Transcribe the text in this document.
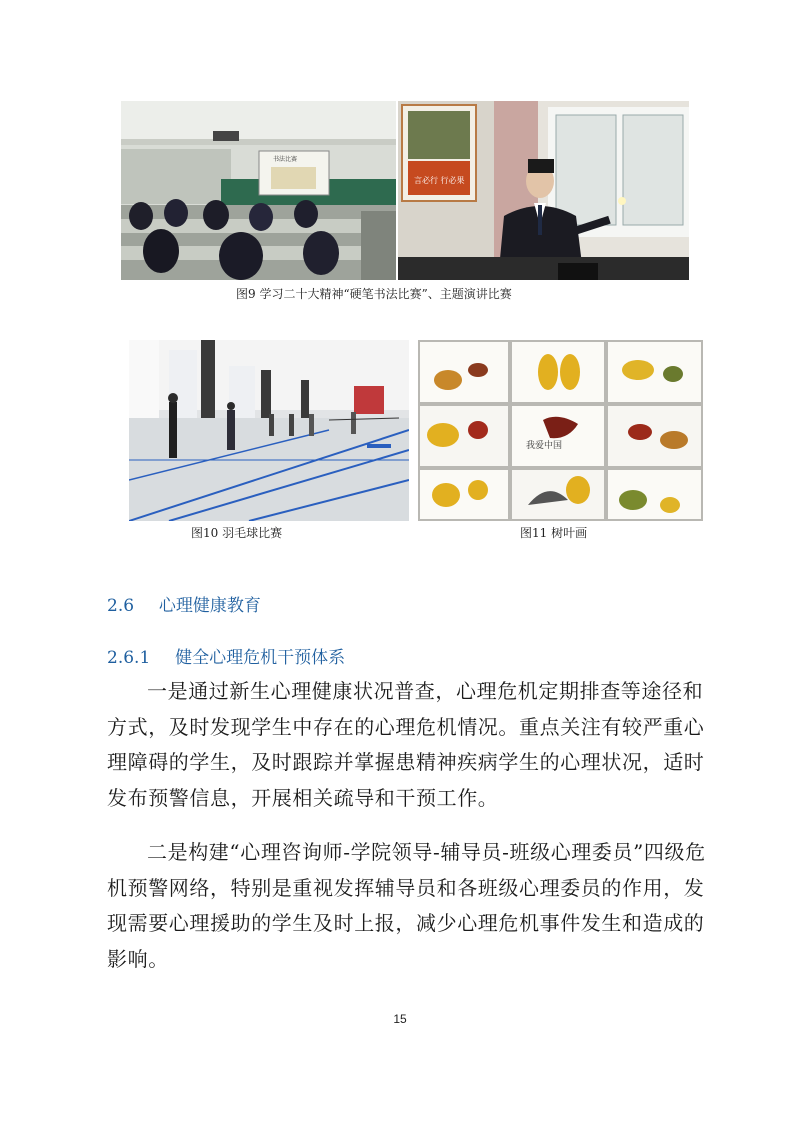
书法比赛
言必行 行必果
图9 学习二十大精神“硬笔书法比赛”、主题演讲比赛
我爱中国
图10 羽毛球比赛	图11 树叶画
2.6 心理健康教育
2.6.1 健全心理危机干预体系

一是通过新生心理健康状况普查，心理危机定期排查等途径和方式，及时发现学生中存在的心理危机情况。重点关注有较严重心理障碍的学生，及时跟踪并掌握患精神疾病学生的心理状况，适时发布预警信息，开展相关疏导和干预工作。

二是构建“心理咨询师-学院领导-辅导员-班级心理委员”四级危机预警网络，特别是重视发挥辅导员和各班级心理委员的作用，发现需要心理援助的学生及时上报，减少心理危机事件发生和造成的影响。

15
